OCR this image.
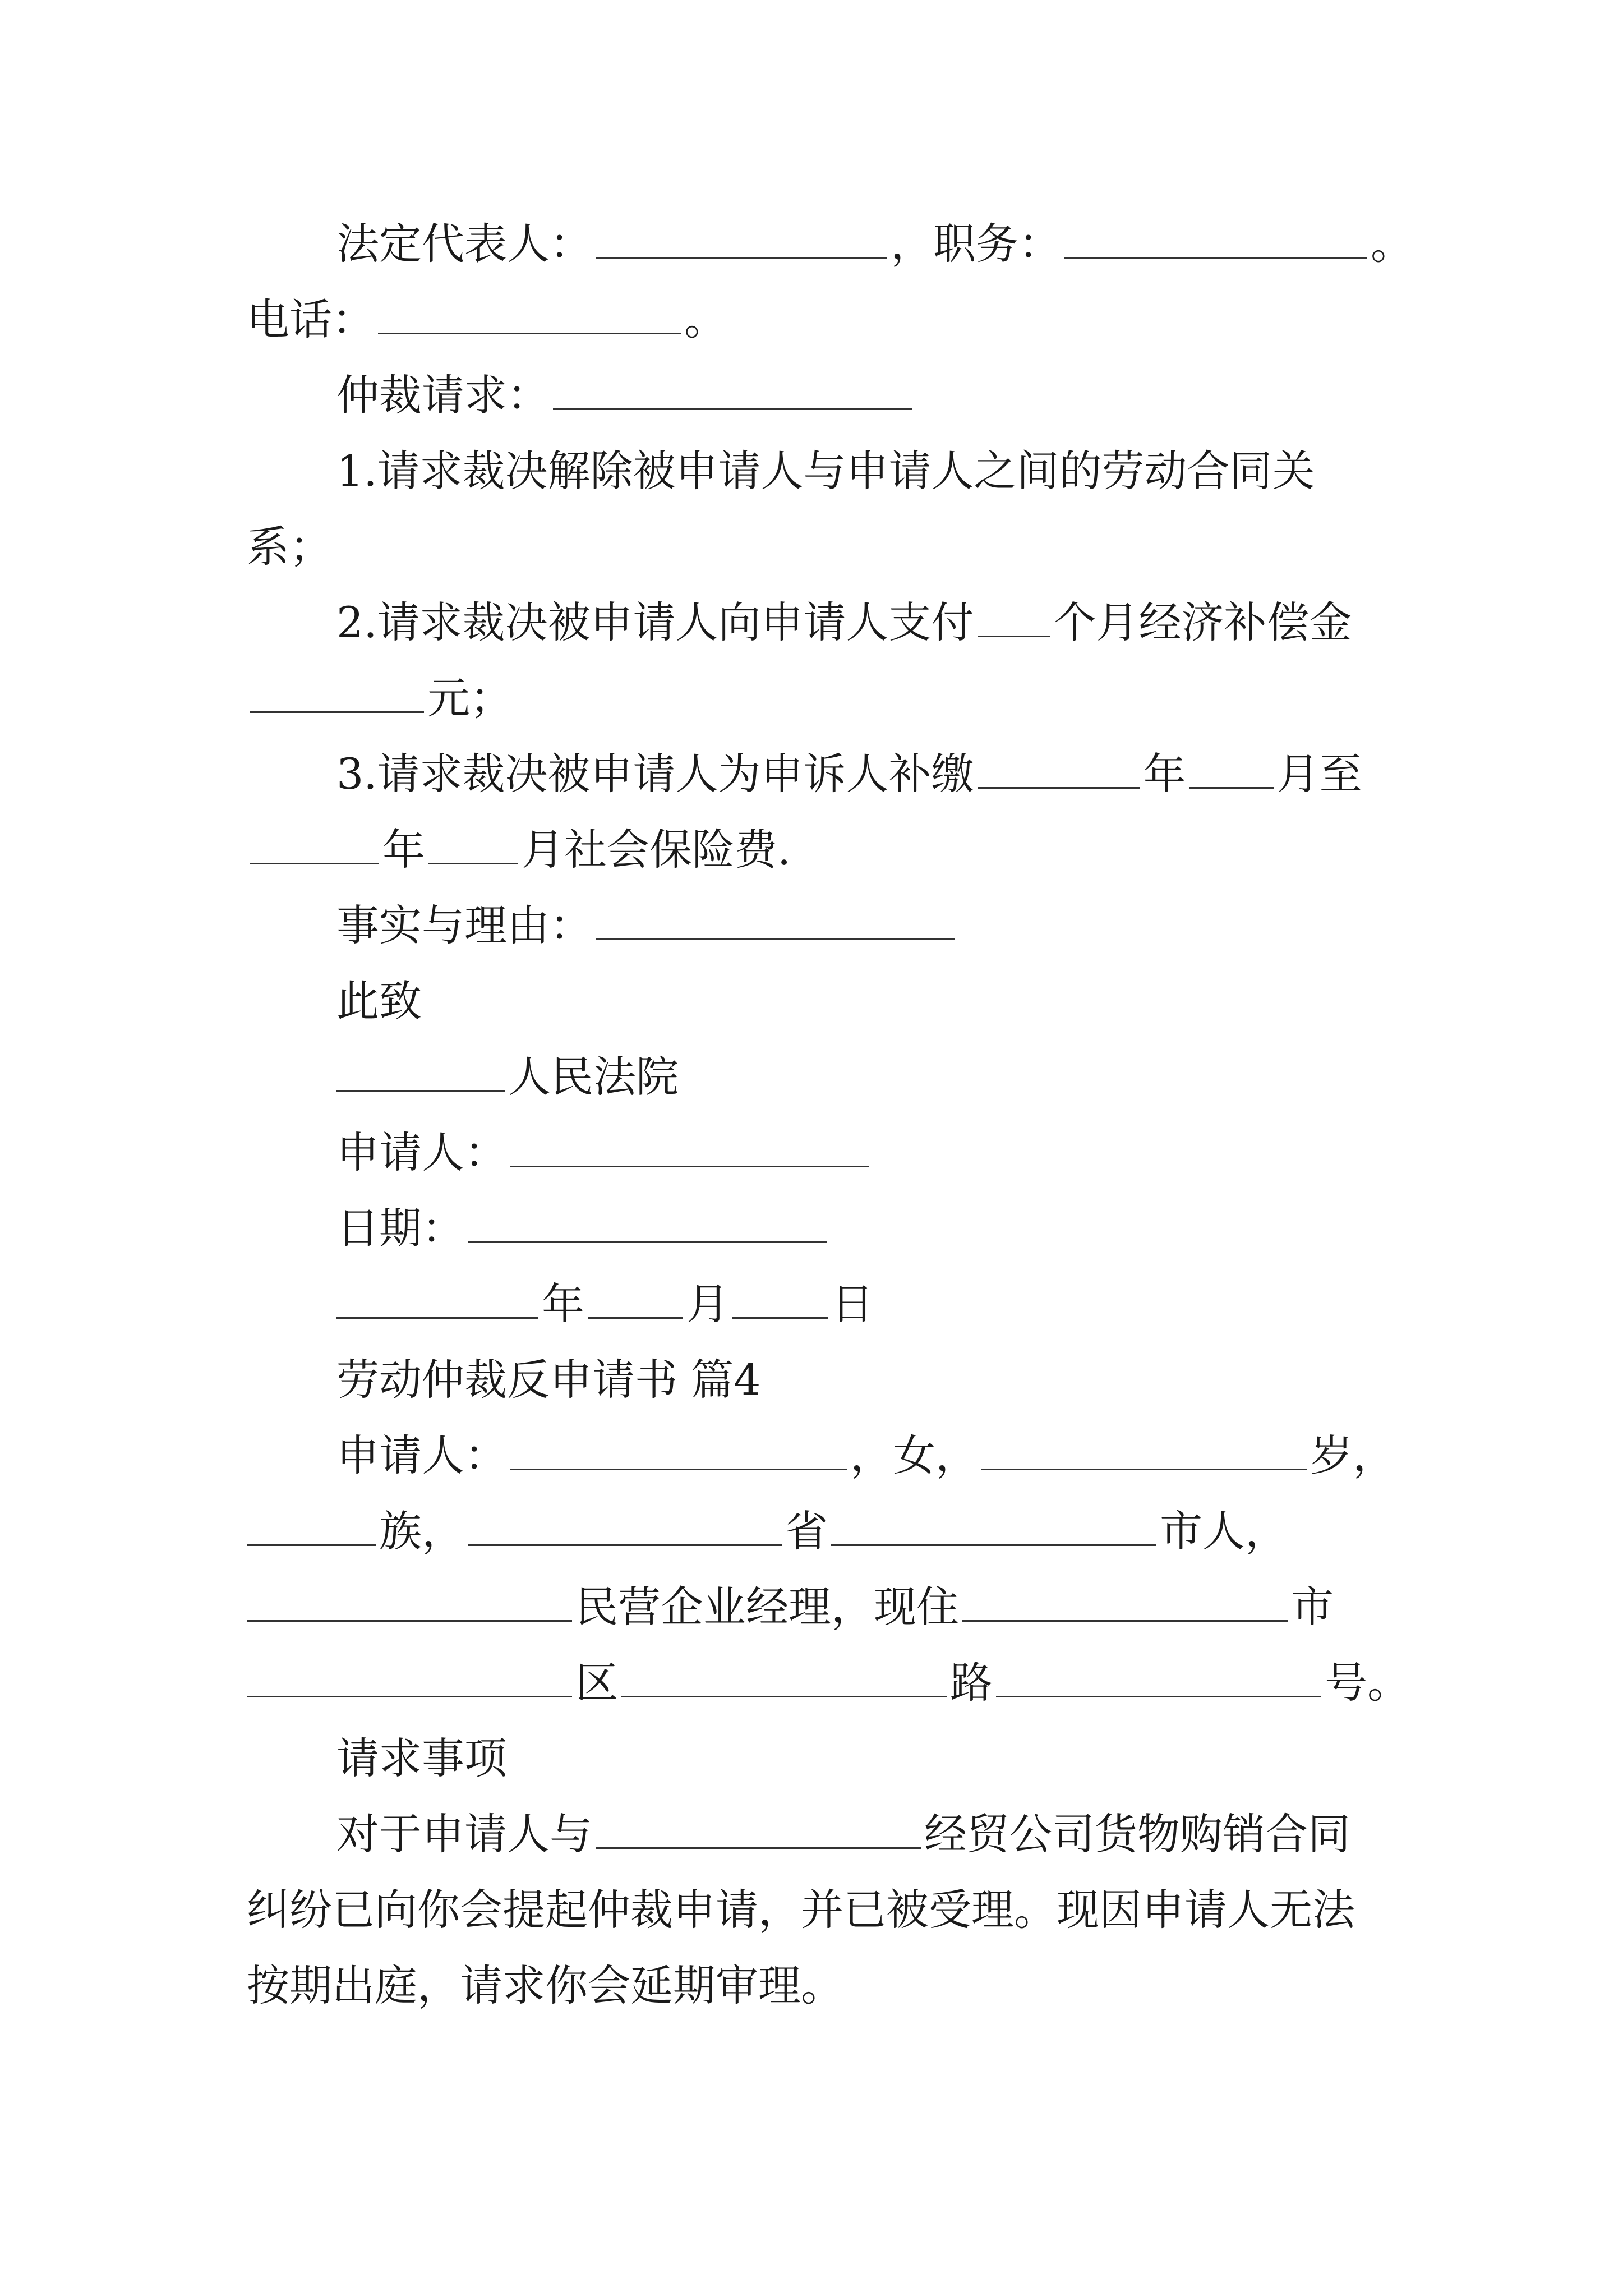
法定代表人：	，职务：	。
电话：	。
仲裁请求：
1.请求裁决解除被申请人与申请人之间的劳动合同关
系；
2.请求裁决被申请人向申请人支付 个月经济补偿金
元；
3.请求裁决被申请人为申诉人补缴	年 月至
年 月社会保险费.
事实与理由：
此致
人民法院
申请人：
日期：
年 月 日
劳动仲裁反申请书 篇4
申请人：	，女，	岁，
族，	省	市人，
民营企业经理，现住	市
区	路	号。
请求事项
对于申请人与	经贸公司货物购销合同
纠纷已向你会提起仲裁申请，并已被受理。现因申请人无法
按期出庭，请求你会延期审理。
